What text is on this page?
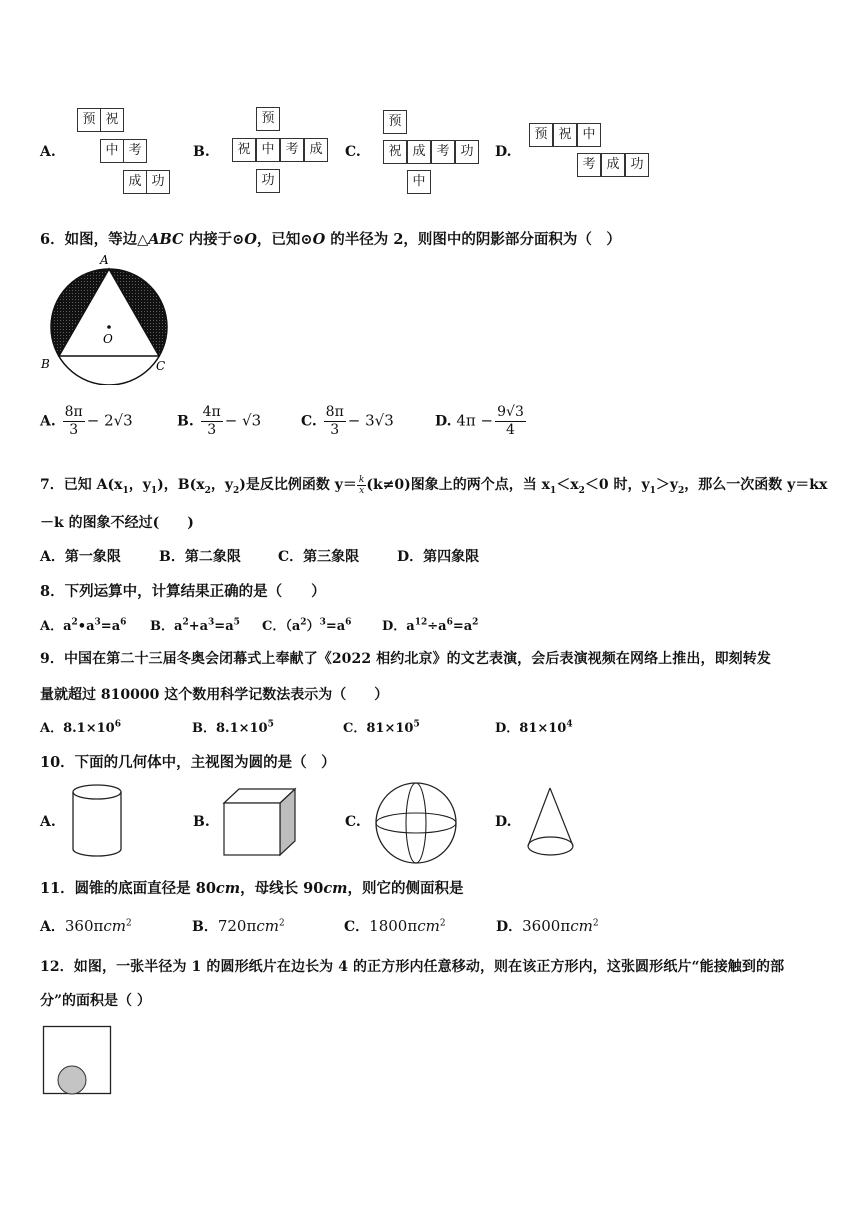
A.
预 祝
中 考
成 功
B.
预
祝 中 考 成
功
C.
预
祝 成 考 功
中
D.
预 祝 中
考 成 功
6．如图，等边△ABC 内接于⊙O，已知⊙O 的半径为 2，则图中的阴影部分面积为（　）
A
O
B	C
A. $\frac{8\pi}{3} - 2√3$	B. $\frac{4\pi}{3} - √3$	C. $\frac{8\pi}{3} - 3√3$	D. $4\pi - \frac{9√3}{4}$
7．已知 $A(x_1$，$y_1$)，$B(x_2$，$y_2$)是反比例函数 $y= \frac{k}{x} (k\ne 0)$图象上的两个点，当 $x_1<x_2<0$ 时，$y_1>y_2$，那么一次函数 y＝kx
－k 的图象不经过(　　)
A．第一象限	B．第二象限	C．第三象限	D．第四象限
8．下列运算中，计算结果正确的是（　　）
A．$a^2•a^3=a^6$ B．$a^2+a^3=a^5$ C．$(a^2)^3=a^6$ D．$a^{12}\div a^6=a^2$
9．中国在第二十三届冬奥会闭幕式上奉献了《2022 相约北京》的文艺表演，会后表演视频在网络上推出，即刻转发
量就超过 810000 这个数用科学记数法表示为（　　）
A．$8.1\times 10^6$	B．$8.1\times 10^5$	C．$81\times 10^5$	D．$81\times 10^4$
10．下面的几何体中，主视图为圆的是（　）
A.	B.	C.	D.
11．圆锥的底面直径是 80cm，母线长 90cm，则它的侧面积是
A．360πcm$^2$	B．720πcm$^2$	C．1800πcm$^2$	D．3600πcm$^2$
12．如图，一张半径为 1 的圆形纸片在边长为 4 的正方形内任意移动，则在该正方形内，这张圆形纸片“能接触到的部
分”的面积是（ ）
